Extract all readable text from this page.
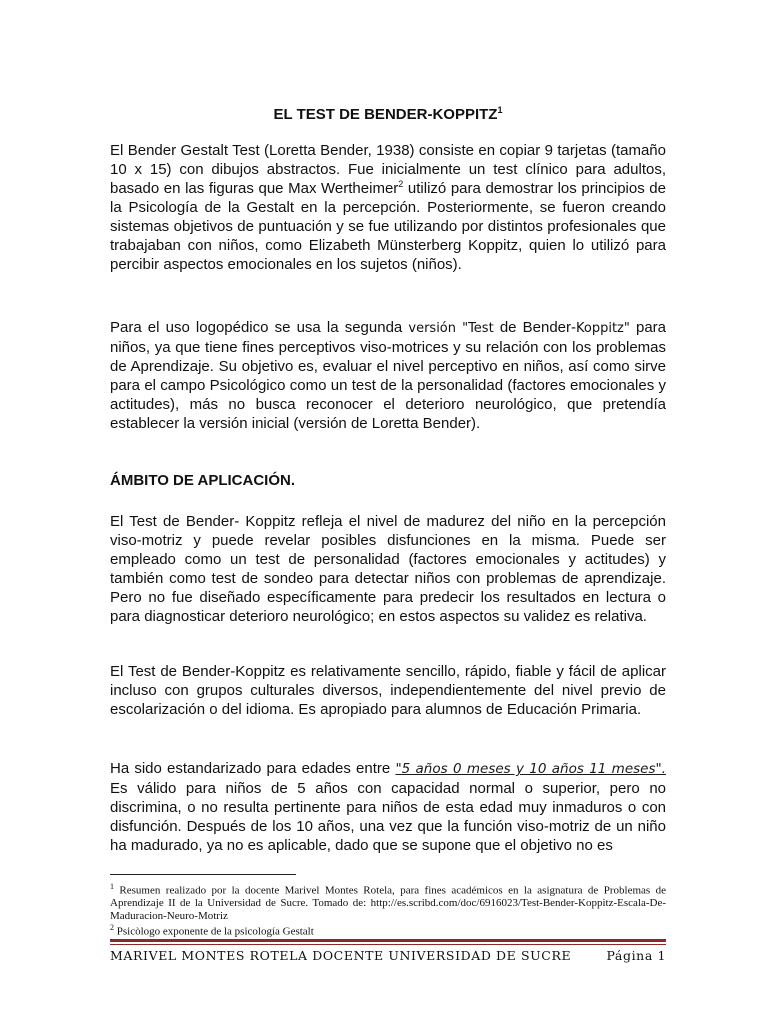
EL TEST DE BENDER-KOPPITZ$^1$

El Bender Gestalt Test (Loretta Bender, 1938) consiste en copiar 9 tarjetas (tamaño 10 x 15) con dibujos abstractos. Fue inicialmente un test clínico para adultos, basado en las figuras que Max Wertheimer$^2$ utilizó para demostrar los principios de la Psicología de la Gestalt en la percepción. Posteriormente, se fueron creando sistemas objetivos de puntuación y se fue utilizando por distintos profesionales que trabajaban con niños, como Elizabeth Münsterberg Koppitz, quien lo utilizó para percibir aspectos emocionales en los sujetos (niños).

Para el uso logopédico se usa la segunda versión "Test de Bender-Koppitz" para niños, ya que tiene fines perceptivos viso-motrices y su relación con los problemas de Aprendizaje. Su objetivo es, evaluar el nivel perceptivo en niños, así como sirve para el campo Psicológico como un test de la personalidad (factores emocionales y actitudes), más no busca reconocer el deterioro neurológico, que pretendía establecer la versión inicial (versión de Loretta Bender).

ÁMBITO DE APLICACIÓN.

El Test de Bender- Koppitz refleja el nivel de madurez del niño en la percepción viso-motriz y puede revelar posibles disfunciones en la misma. Puede ser empleado como un test de personalidad (factores emocionales y actitudes) y también como test de sondeo para detectar niños con problemas de aprendizaje. Pero no fue diseñado específicamente para predecir los resultados en lectura o para diagnosticar deterioro neurológico; en estos aspectos su validez es relativa.

El Test de Bender-Koppitz es relativamente sencillo, rápido, fiable y fácil de aplicar incluso con grupos culturales diversos, independientemente del nivel previo de escolarización o del idioma. Es apropiado para alumnos de Educación Primaria.

Ha sido estandarizado para edades entre "5 años 0 meses y 10 años 11 meses". Es válido para niños de 5 años con capacidad normal o superior, pero no discrimina, o no resulta pertinente para niños de esta edad muy inmaduros o con disfunción. Después de los 10 años, una vez que la función viso-motriz de un niño ha madurado, ya no es aplicable, dado que se supone que el objetivo no es

$^1$ Resumen realizado por la docente Marivel Montes Rotela, para fines académicos en la asignatura de Problemas de Aprendizaje II de la Universidad de Sucre. Tomado de: http://es.scribd.com/doc/6916023/Test-Bender-Koppitz-Escala-De-Maduracion-Neuro-Motriz

$^2$ Psicòlogo exponente de la psicología Gestalt

MARIVEL MONTES ROTELA DOCENTE UNIVERSIDAD DE SUCRE	Página 1
